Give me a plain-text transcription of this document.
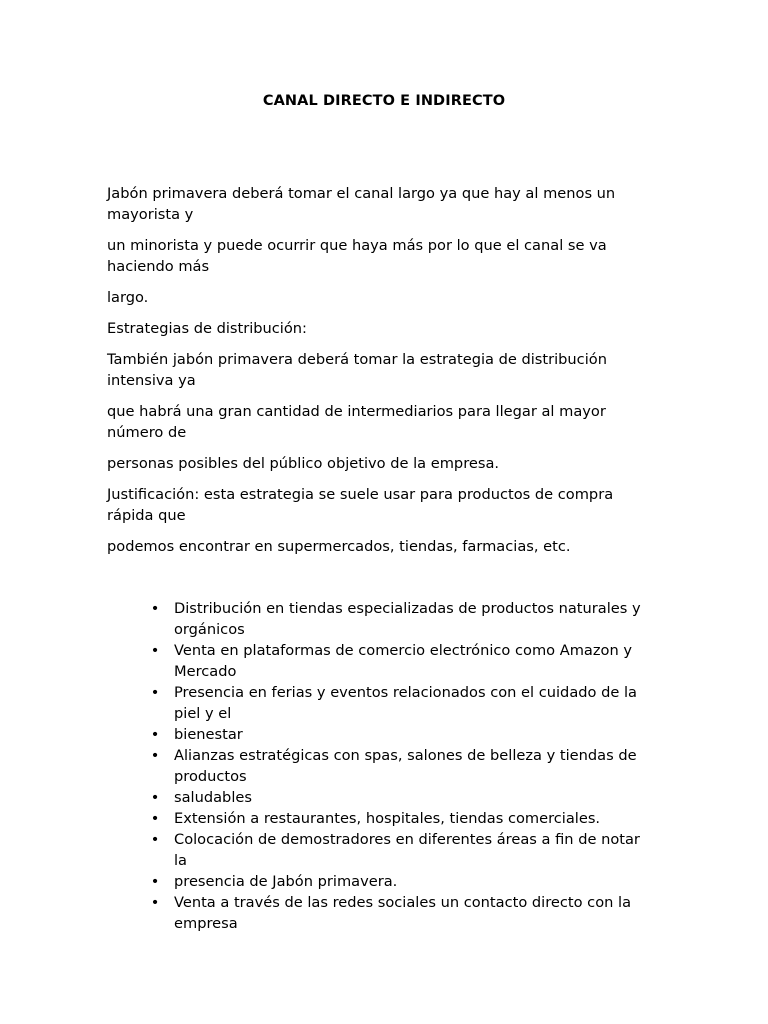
CANAL DIRECTO E INDIRECTO
Jabón primavera deberá tomar el canal largo ya que hay al menos un
mayorista y
un minorista y puede ocurrir que haya más por lo que el canal se va
haciendo más
largo.
Estrategias de distribución:
También jabón primavera deberá tomar la estrategia de distribución
intensiva ya
que habrá una gran cantidad de intermediarios para llegar al mayor
número de
personas posibles del público objetivo de la empresa.
Justificación: esta estrategia se suele usar para productos de compra
rápida que
podemos encontrar en supermercados, tiendas, farmacias, etc.
• Distribución en tiendas especializadas de productos naturales y
orgánicos
• Venta en plataformas de comercio electrónico como Amazon y
Mercado
• Presencia en ferias y eventos relacionados con el cuidado de la
piel y el
• bienestar
• Alianzas estratégicas con spas, salones de belleza y tiendas de
productos
• saludables
• Extensión a restaurantes, hospitales, tiendas comerciales.
• Colocación de demostradores en diferentes áreas a fin de notar
la
• presencia de Jabón primavera.
• Venta a través de las redes sociales un contacto directo con la
empresa
